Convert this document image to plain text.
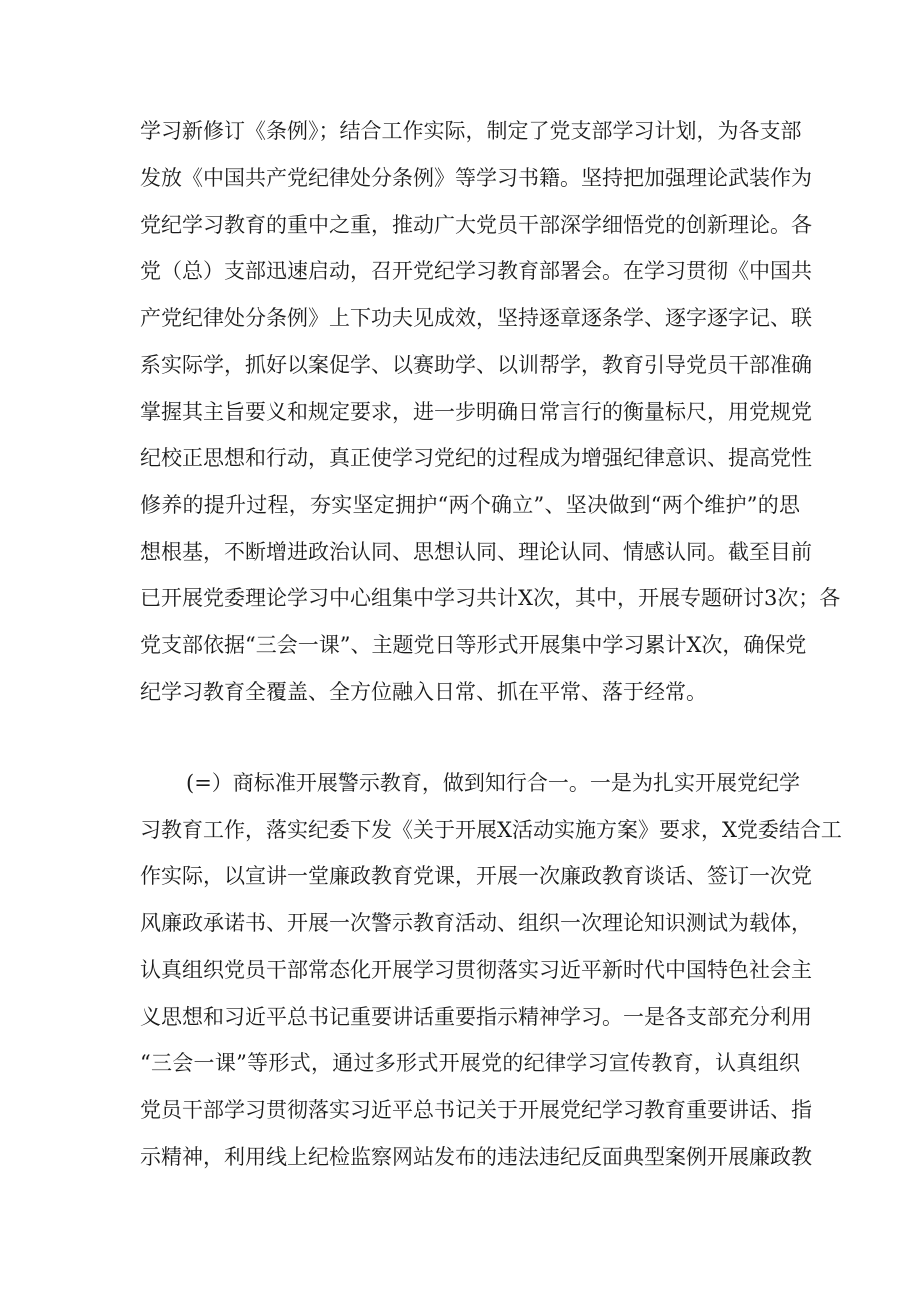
学习新修订《条例》；结合工作实际，制定了党支部学习计划，为各支部
发放《中国共产党纪律处分条例》等学习书籍。坚持把加强理论武装作为
党纪学习教育的重中之重，推动广大党员干部深学细悟党的创新理论。各
党（总）支部迅速启动，召开党纪学习教育部署会。在学习贯彻《中国共
产党纪律处分条例》上下功夫见成效，坚持逐章逐条学、逐字逐字记、联
系实际学，抓好以案促学、以赛助学、以训帮学，教育引导党员干部准确
掌握其主旨要义和规定要求，进一步明确日常言行的衡量标尺，用党规党
纪校正思想和行动，真正使学习党纪的过程成为增强纪律意识、提高党性
修养的提升过程，夯实坚定拥护“两个确立”、坚决做到“两个维护”的思
想根基，不断增进政治认同、思想认同、理论认同、情感认同。截至目前
已开展党委理论学习中心组集中学习共计X次，其中，开展专题研讨3次；各
党支部依据“三会一课”、主题党日等形式开展集中学习累计X次，确保党
纪学习教育全覆盖、全方位融入日常、抓在平常、落于经常。
(=）商标准开展警示教育，做到知行合一。一是为扎实开展党纪学
习教育工作，落实纪委下发《关于开展X活动实施方案》要求，X党委结合工
作实际，以宣讲一堂廉政教育党课，开展一次廉政教育谈话、签订一次党
风廉政承诺书、开展一次警示教育活动、组织一次理论知识测试为载体，
认真组织党员干部常态化开展学习贯彻落实习近平新时代中国特色社会主
义思想和习近平总书记重要讲话重要指示精神学习。一是各支部充分利用
“三会一课”等形式，通过多形式开展党的纪律学习宣传教育，认真组织
党员干部学习贯彻落实习近平总书记关于开展党纪学习教育重要讲话、指
示精神，利用线上纪检监察网站发布的违法违纪反面典型案例开展廉政教
